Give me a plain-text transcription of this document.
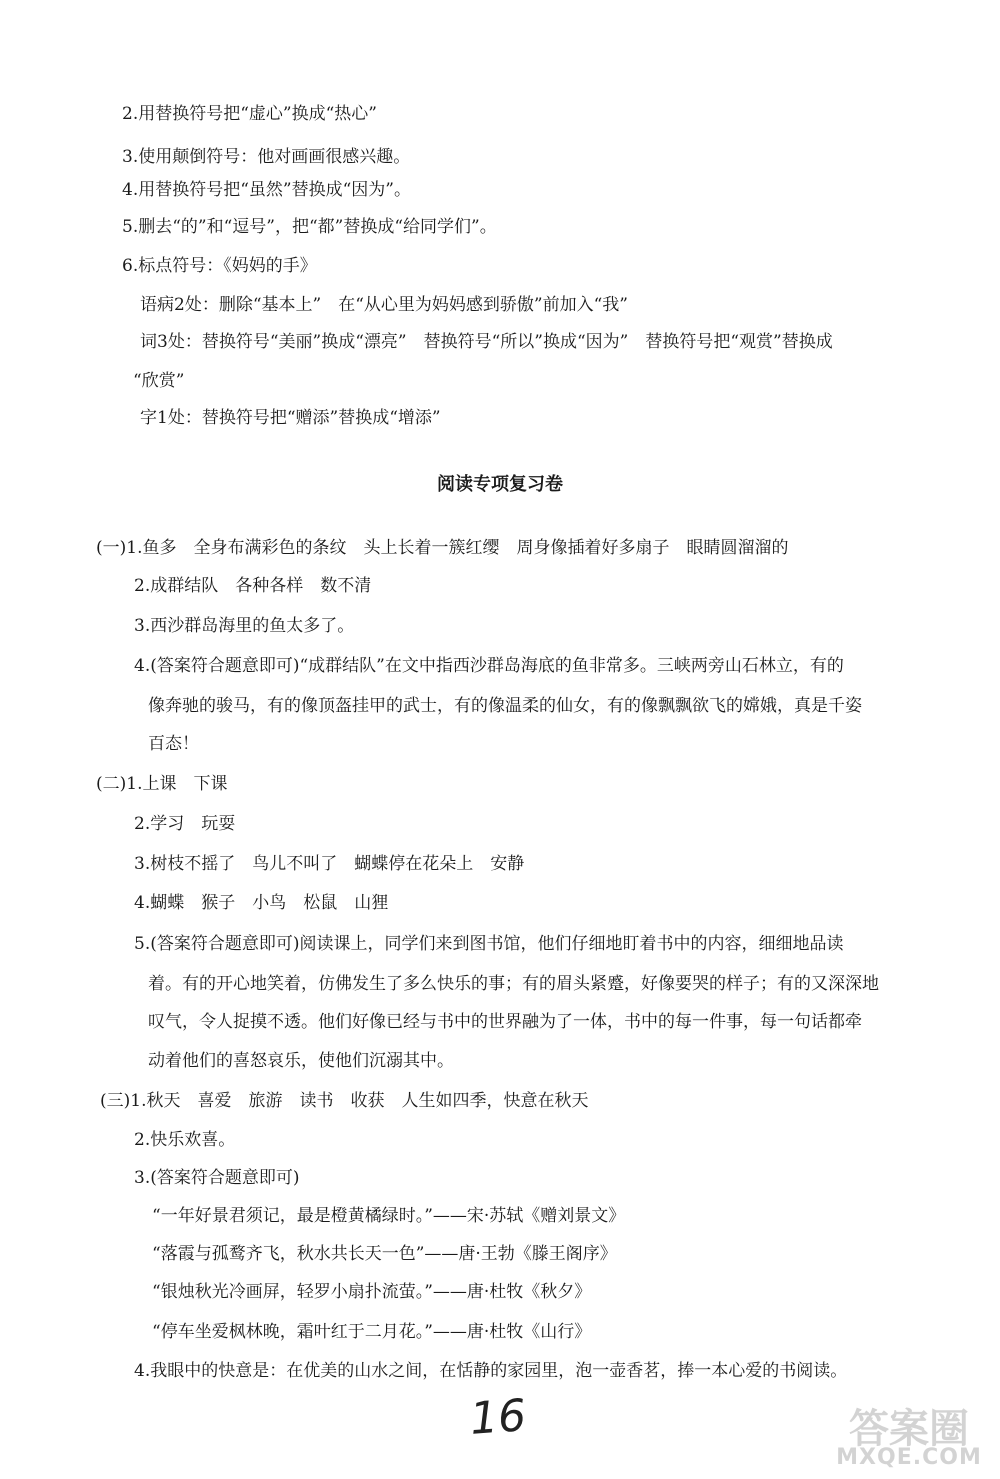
2.用替换符号把“虚心”换成“热心”
3.使用颠倒符号：他对画画很感兴趣。
4.用替换符号把“虽然”替换成“因为”。
5.删去“的”和“逗号”，把“都”替换成“给同学们”。
6.标点符号：《妈妈的手》
语病2处：删除“基本上”　在“从心里为妈妈感到骄傲”前加入“我”
词3处：替换符号“美丽”换成“漂亮”　替换符号“所以”换成“因为”　替换符号把“观赏”替换成
“欣赏”
字1处：替换符号把“赠添”替换成“增添”
阅读专项复习卷
(一)1.鱼多　全身布满彩色的条纹　头上长着一簇红缨　周身像插着好多扇子　眼睛圆溜溜的
2.成群结队　各种各样　数不清
3.西沙群岛海里的鱼太多了。
4.(答案符合题意即可)“成群结队”在文中指西沙群岛海底的鱼非常多。三峡两旁山石林立，有的
像奔驰的骏马，有的像顶盔挂甲的武士，有的像温柔的仙女，有的像飘飘欲飞的嫦娥，真是千姿
百态！
(二)1.上课　下课
2.学习　玩耍
3.树枝不摇了　鸟儿不叫了　蝴蝶停在花朵上　安静
4.蝴蝶　猴子　小鸟　松鼠　山狸
5.(答案符合题意即可)阅读课上，同学们来到图书馆，他们仔细地盯着书中的内容，细细地品读
着。有的开心地笑着，仿佛发生了多么快乐的事；有的眉头紧蹙，好像要哭的样子；有的又深深地
叹气，令人捉摸不透。他们好像已经与书中的世界融为了一体，书中的每一件事，每一句话都牵
动着他们的喜怒哀乐，使他们沉溺其中。
(三)1.秋天　喜爱　旅游　读书　收获　人生如四季，快意在秋天
2.快乐欢喜。
3.(答案符合题意即可)
“一年好景君须记，最是橙黄橘绿时。”——宋·苏轼《赠刘景文》
“落霞与孤鹜齐飞，秋水共长天一色”——唐·王勃《滕王阁序》
“银烛秋光冷画屏，轻罗小扇扑流萤。”——唐·杜牧《秋夕》
“停车坐爱枫林晚，霜叶红于二月花。”——唐·杜牧《山行》
4.我眼中的快意是：在优美的山水之间，在恬静的家园里，泡一壶香茗，捧一本心爱的书阅读。
16	答案圈
MXQE.COM
